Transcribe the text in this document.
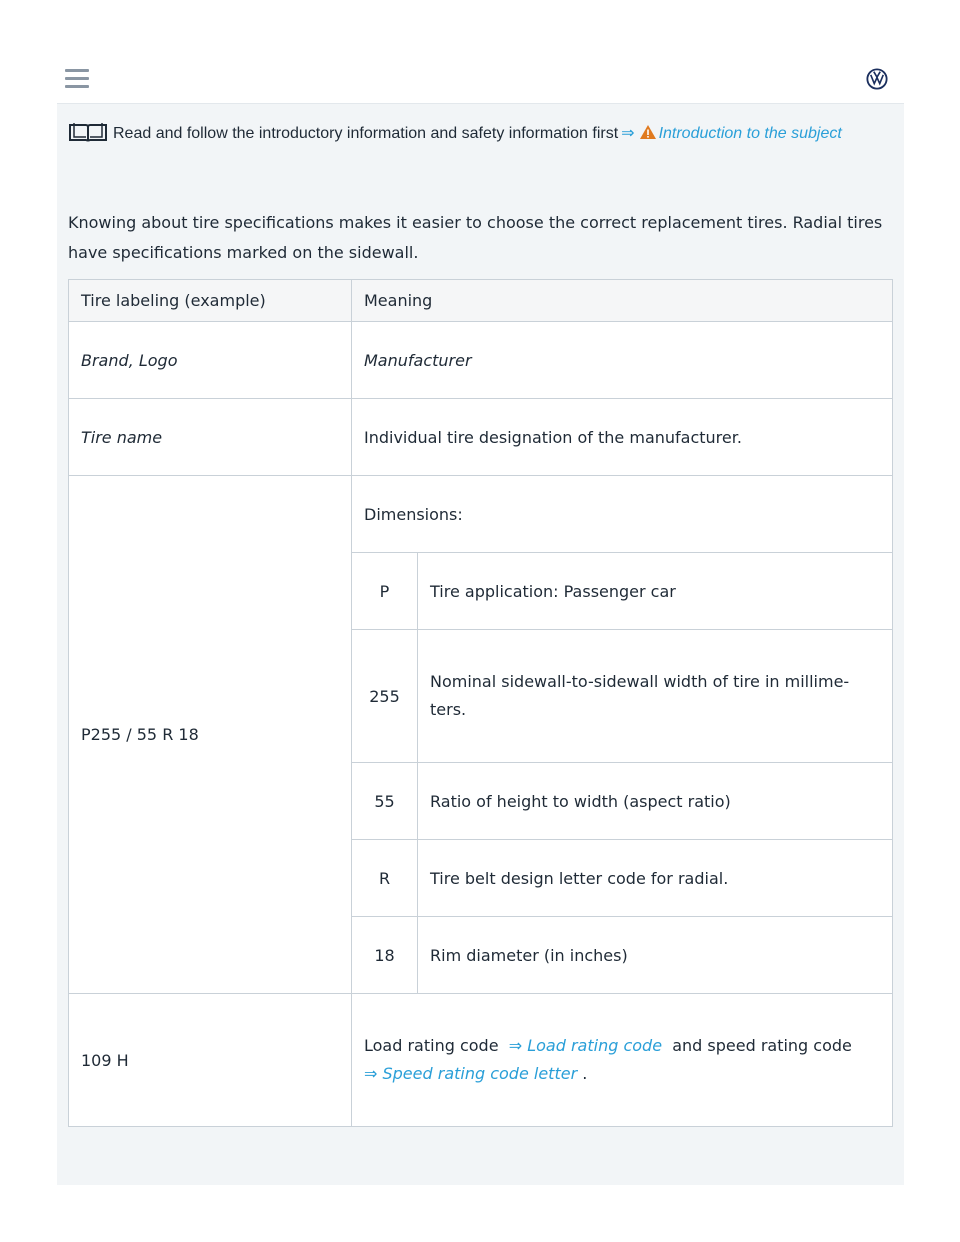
Read and follow the introductory information and safety information first ⇒ Introduction to the subject
Knowing about tire specifications makes it easier to choose the correct replacement tires. Radial tires have specifications marked on the sidewall.
Tire labeling (example)	Meaning	
Brand, Logo	Manufacturer	
Tire name	Individual tire designation of the manufacturer.	
P255 / 55 R 18	Dimensions:	
	P	Tire application: Passenger car
	255	Nominal sidewall-to-sidewall width of tire in millime-ters.

	55	Ratio of height to width (aspect ratio)
	R	Tire belt design letter code for radial.
	18	Rim diameter (in inches)
109 H	Load rating code ⇒ Load rating code and speed rating code
⇒ Speed rating code letter .	
